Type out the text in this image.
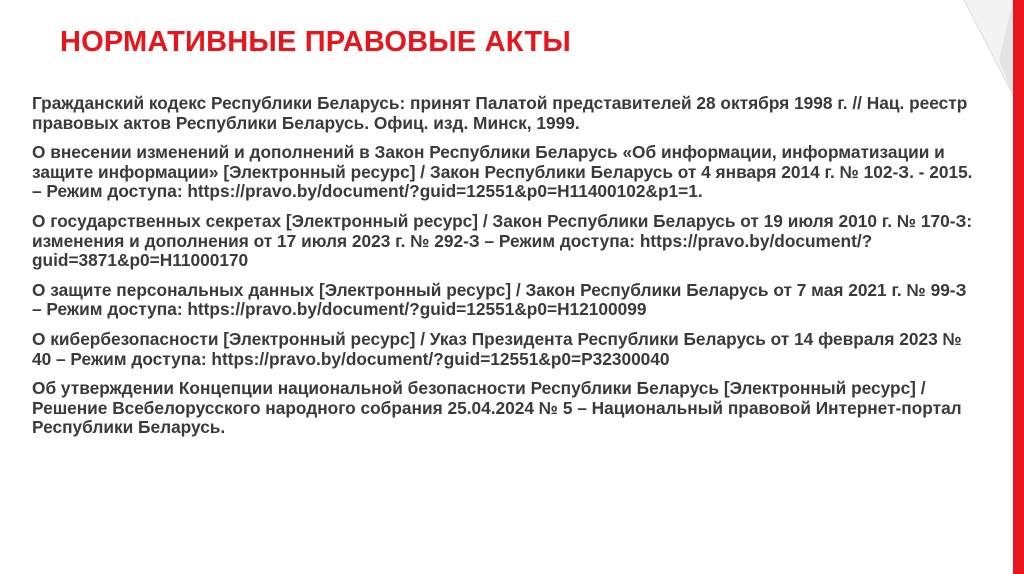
НОРМАТИВНЫЕ ПРАВОВЫЕ АКТЫ

Гражданский кодекс Республики Беларусь: принят Палатой представителей 28 октября 1998 г. // Нац. реестр правовых актов Республики Беларусь. Офиц. изд. Минск, 1999.

О внесении изменений и дополнений в Закон Республики Беларусь «Об информации, информатизации и защите информации» [Электронный ресурс] / Закон Республики Беларусь от 4 января 2014 г. № 102-З. - 2015. – Режим доступа: https://pravo.by/document/?guid=12551&p0=H11400102&p1=1.

О государственных секретах [Электронный ресурс] / Закон Республики Беларусь от 19 июля 2010 г. № 170-З: изменения и дополнения от 17 июля 2023 г. № 292-З – Режим доступа: https://pravo.by/document/?guid=3871&p0=H11000170

О защите персональных данных [Электронный ресурс] / Закон Республики Беларусь от 7 мая 2021 г. № 99-З – Режим доступа: https://pravo.by/document/?guid=12551&p0=H12100099

О кибербезопасности [Электронный ресурс] / Указ Президента Республики Беларусь от 14 февраля 2023 № 40 – Режим доступа: https://pravo.by/document/?guid=12551&p0=P32300040

Об утверждении Концепции национальной безопасности Республики Беларусь [Электронный ресурс] / Решение Всебелорусского народного собрания 25.04.2024 № 5 – Национальный правовой Интернет-портал Республики Беларусь.
